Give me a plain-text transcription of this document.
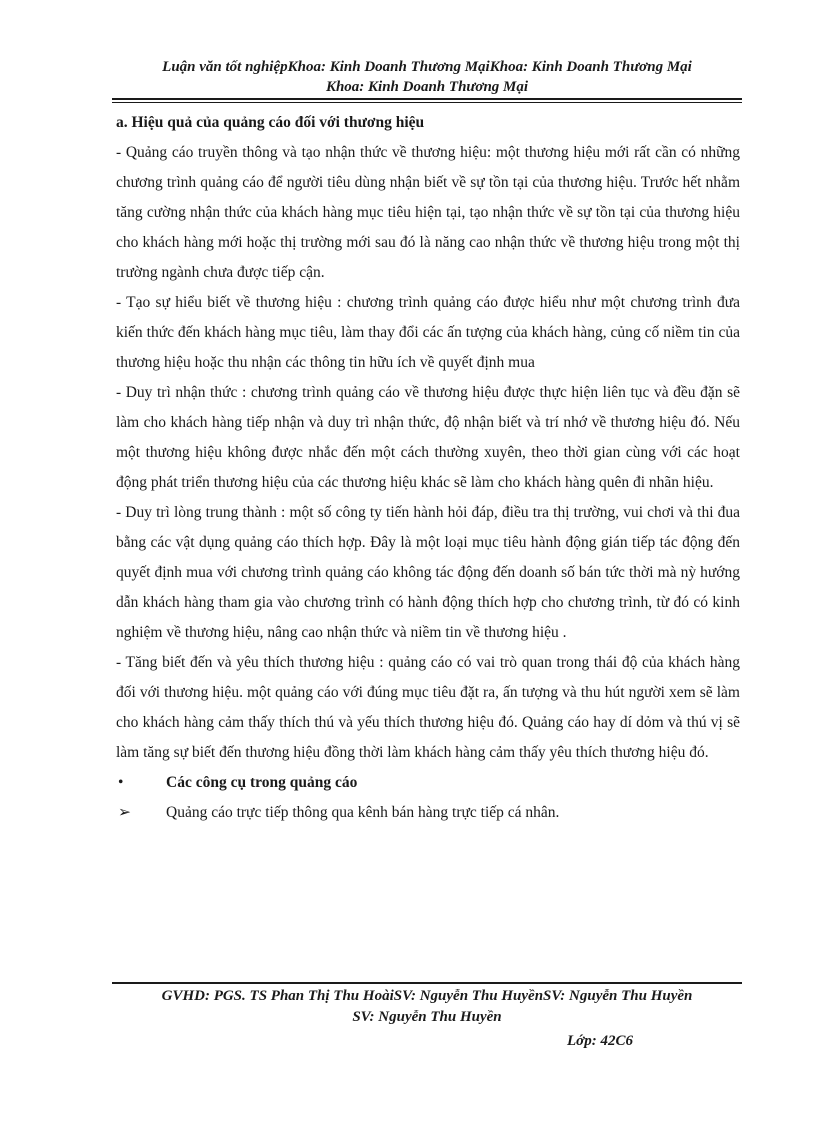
Luận văn tốt nghiệpKhoa: Kinh Doanh Thương MạiKhoa: Kinh Doanh Thương Mại
Khoa: Kinh Doanh Thương Mại

a. Hiệu quả của quảng cáo đối với thương hiệu

- Quảng cáo truyền thông và tạo nhận thức về thương hiệu: một thương hiệu mới rất cần có những chương trình quảng cáo để người tiêu dùng nhận biết về sự tồn tại của thương hiệu. Trước hết nhằm tăng cường nhận thức của khách hàng mục tiêu hiện tại, tạo nhận thức về sự tồn tại của thương hiệu cho khách hàng mới hoặc thị trường mới sau đó là năng cao nhận thức về thương hiệu trong một thị trường ngành chưa được tiếp cận.

- Tạo sự hiểu biết về thương hiệu : chương trình quảng cáo được hiểu như một chương trình đưa kiến thức đến khách hàng mục tiêu, làm thay đổi các ấn tượng của khách hàng, củng cố niềm tin của thương hiệu hoặc thu nhận các thông tin hữu ích về quyết định mua

- Duy trì nhận thức : chương trình quảng cáo về thương hiệu được thực hiện liên tục và đều đặn sẽ làm cho khách hàng tiếp nhận và duy trì nhận thức, độ nhận biết và trí nhớ về thương hiệu đó. Nếu một thương hiệu không được nhắc đến một cách thường xuyên, theo thời gian cùng với các hoạt động phát triển thương hiệu của các thương hiệu khác sẽ làm cho khách hàng quên đi nhãn hiệu.

- Duy trì lòng trung thành : một số công ty tiến hành hỏi đáp, điều tra thị trường, vui chơi và thi đua bằng các vật dụng quảng cáo thích hợp. Đây là một loại mục tiêu hành động gián tiếp tác động đến quyết định mua với chương trình quảng cáo không tác động đến doanh số bán tức thời mà nỳ hướng dẫn khách hàng tham gia vào chương trình có hành động thích hợp cho chương trình, từ đó có kinh nghiệm về thương hiệu, nâng cao nhận thức và niềm tin về thương hiệu .

- Tăng biết đến và yêu thích thương hiệu : quảng cáo có vai trò quan trong thái độ của khách hàng đối với thương hiệu. một quảng cáo với đúng mục tiêu đặt ra, ấn tượng và thu hút người xem sẽ làm cho khách hàng cảm thấy thích thú và yếu thích thương hiệu đó. Quảng cáo hay dí dỏm và thú vị sẽ làm tăng sự biết đến thương hiệu đồng thời làm khách hàng cảm thấy yêu thích thương hiệu đó.

•	Các công cụ trong quảng cáo
➢ Quảng cáo trực tiếp thông qua kênh bán hàng trực tiếp cá nhân.
GVHD: PGS. TS Phan Thị Thu HoàiSV: Nguyễn Thu HuyềnSV: Nguyễn Thu Huyền
SV: Nguyễn Thu Huyền
Lớp: 42C6
